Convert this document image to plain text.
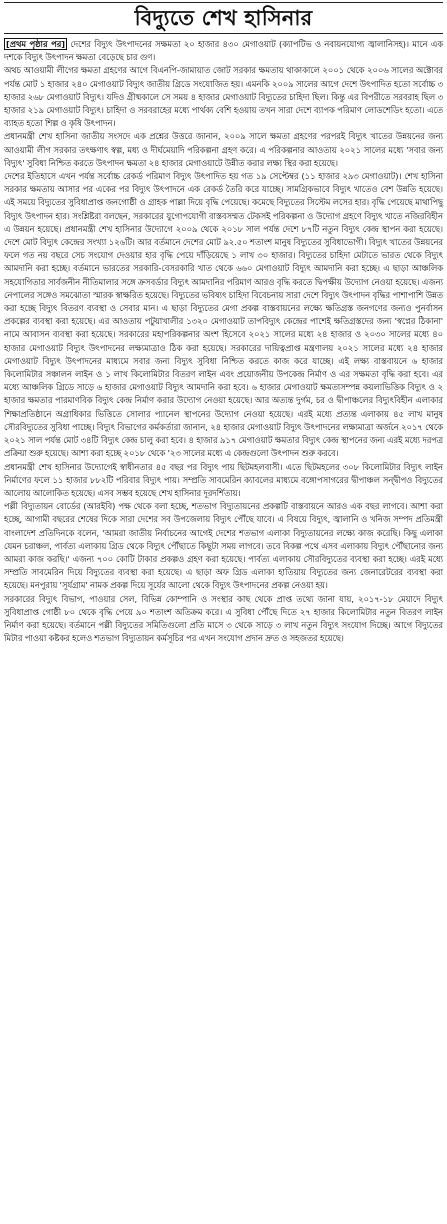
বিদ্যুতে শেখ হাসিনার

[প্রথম পৃষ্ঠার পর] দেশের বিদ্যুৎ উৎপাদনের সক্ষমতা ২০ হাজার ৪৩০ মেগাওয়াট (ক্যাপটিভ ও নবায়নযোগ্য জ্বালানিসহ)। মানে এক দশকে বিদ্যুৎ উৎপাদন ক্ষমতা বেড়েছে চার গুণ।

অথচ আওয়ামী লীগের ক্ষমতা গ্রহণের আগে বিএনপি-জামায়াত জোট সরকার ক্ষমতায় থাকাকালে ২০০১ থেকে ২০০৬ সালের অক্টোবর পর্যন্ত মোট ১ হাজার ২৪০ মেগাওয়াট বিদ্যুৎ জাতীয় গ্রিডে সংযোজিত হয়। এমনকি ২০০৯ সালের আগে দেশে উৎপাদিত হতো সর্বোচ্চ ৩ হাজার ২৬৮ মেগাওয়াট বিদ্যুৎ। যদিও গ্রীষ্মকালে সে সময় ৪ হাজার মেগাওয়াট বিদ্যুতের চাহিদা ছিল। কিন্তু এর বিপরীতে সরবরাহ ছিল ৩ হাজার ২১৯ মেগাওয়াট বিদ্যুৎ। চাহিদা ও সরবরাহের মধ্যে পার্থক্য বেশি হওয়ায় তখন সারা দেশে ব্যাপক পরিমাণ লোডশেডিং হতো। এতে ব্যাহত হতো শিল্প ও কৃষি উৎপাদন।

প্রধানমন্ত্রী শেখ হাসিনা জাতীয় সংসদে এক প্রশ্নের উত্তরে জানান, ২০০৯ সালে ক্ষমতা গ্রহণের পরপরই বিদ্যুৎ খাতের উন্নয়নের জন্য আওয়ামী লীগ সরকার তৎক্ষণাৎ স্বল্প, মধ্য ও দীর্ঘমেয়াদি পরিকল্পনা গ্রহণ করে। এ পরিকল্পনার আওতায় ২০২১ সালের মধ্যে 'সবার জন্য বিদ্যুৎ' সুবিধা নিশ্চিত করতে উৎপাদন ক্ষমতা ২৪ হাজার মেগাওয়াটে উন্নীত করার লক্ষ্য স্থির করা হয়েছে।

দেশের ইতিহাসে এখন পর্যন্ত সর্বোচ্চ রেকর্ড পরিমাণ বিদ্যুৎ উৎপাদিত হয় গত ১৯ সেপ্টেম্বর (১১ হাজার ২৯৩ মেগাওয়াট)। শেখ হাসিনা সরকার ক্ষমতায় আসার পর একের পর বিদ্যুৎ উৎপাদনে এক রেকর্ড তৈরি করে যাচ্ছে। সামগ্রিকভাবে বিদ্যুৎ খাতেও বেশ উন্নতি হয়েছে। এই সময়ে বিদ্যুতের সুবিধাপ্রাপ্ত জনগোষ্ঠী ও গ্রাহক পাল্লা দিয়ে বৃদ্ধি পেয়েছে। কমেছে বিদ্যুতের সিস্টেম লসের হার। বৃদ্ধি পেয়েছে মাথাপিছু বিদ্যুৎ উৎপাদন হার। সংশ্লিষ্টরা বলছেন, সরকারের যুগোপযোগী বাস্তবসম্মত টেকসই পরিকল্পনা ও উদ্যোগ গ্রহণে বিদ্যুৎ খাতে নজিরবিহীন এ উন্নয়ন হয়েছে। প্রধানমন্ত্রী শেখ হাসিনার উদ্যোগে ২০০৯ থেকে ২০১৮ সাল পর্যন্ত দেশে ৮৭টি নতুন বিদ্যুৎ কেন্দ্র স্থাপন করা হয়েছে। দেশে মোট বিদ্যুৎ কেন্দ্রের সংখ্যা ১২৬টি। আর বর্তমানে দেশের মোট ৯২.৫০ শতাংশ মানুষ বিদ্যুতের সুবিধাভোগী। বিদ্যুৎ খাতের উন্নয়নের ফলে গত নয় বছরে সেচ সংযোগ দেওয়ার হার বৃদ্ধি পেয়ে দাঁড়িয়েছে ১ লাখ ৩০ হাজার। বিদ্যুতের চাহিদা মেটাতে ভারত থেকে বিদ্যুৎ আমদানি করা হচ্ছে। বর্তমানে ভারতের সরকারি-বেসরকারি খাত থেকে ৬৬০ মেগাওয়াট বিদ্যুৎ আমদানি করা হচ্ছে। এ ছাড়া আঞ্চলিক সহযোগিতার সার্বজনীন নীতিমালার সঙ্গে ক্রসবর্ডার বিদ্যুৎ আমদানির পরিমাণ আরও বৃদ্ধি করতে দ্বিপক্ষীয় উদ্যোগ নেওয়া হয়েছে। এজন্য নেপালের সঙ্গেও সমঝোতা স্মারক স্বাক্ষরিত হয়েছে। বিদ্যুতের ভবিষ্যৎ চাহিদা বিবেচনায় সারা দেশে বিদ্যুৎ উৎপাদন বৃদ্ধির পাশাপাশি উন্নত করা হচ্ছে বিদ্যুৎ বিতরণ ব্যবস্থা ও সেবার মান। এ ছাড়া বিদ্যুতের মেগা প্রকল্প বাস্তবায়নের লক্ষ্যে ক্ষতিগ্রস্ত জনগণের জন্যও পুনর্বাসন প্রকল্পের ব্যবস্থা করা হয়েছে। এর আওতায় পটুয়াখালীর ১৩২০ মেগাওয়াট তাপবিদ্যুৎ কেন্দ্রের পাশেই ক্ষতিগ্রস্তদের জন্য 'স্বপ্নের ঠিকানা' নামে আবাসন ব্যবস্থা করা হয়েছে। সরকারের মহাপরিকল্পনার অংশ হিসেবে ২০২১ সালের মধ্যে ২৪ হাজার ও ২০৩০ সালের মধ্যে ৪০ হাজার মেগাওয়াট বিদ্যুৎ উৎপাদনের লক্ষ্যমাত্রাও ঠিক করা হয়েছে। সরকারের দায়িত্বপ্রাপ্ত মন্ত্রণালয় ২০২১ সালের মধ্যে ২৪ হাজার মেগাওয়াট বিদ্যুৎ উৎপাদনের মাধ্যমে সবার জন্য বিদ্যুৎ সুবিধা নিশ্চিত করতে কাজ করে যাচ্ছে। এই লক্ষ্য বাস্তবায়নে ৬ হাজার কিলোমিটার সঞ্চালন লাইন ও ১ লাখ কিলোমিটার বিতরণ লাইন এবং প্রয়োজনীয় উপকেন্দ্র নির্মাণ ও এর সক্ষমতা বৃদ্ধি করা হবে। এর মধ্যে আঞ্চলিক গ্রিডে সাড়ে ৬ হাজার মেগাওয়াট বিদ্যুৎ আমদানি করা হবে। ৬ হাজার মেগাওয়াট ক্ষমতাসম্পন্ন কয়লাভিত্তিক বিদ্যুৎ ও ২ হাজার ক্ষমতার পারমাণবিক বিদ্যুৎ কেন্দ্র নির্মাণ করার উদ্যোগ নেওয়া হয়েছে। আর অত্যন্ত দুর্গম, চর ও দ্বীপাঞ্চলের বিদ্যুৎবিহীন এলাকার শিক্ষাপ্রতিষ্ঠানে অগ্রাধিকার ভিত্তিতে সোলার প্যানেল স্থাপনের উদ্যোগ নেওয়া হয়েছে। এরই মধ্যে প্রত্যন্ত এলাকায় ৪৫ লাখ মানুষ সৌরবিদ্যুতের সুবিধা পাচ্ছে। বিদ্যুৎ বিভাগের কর্মকর্তারা জানান, ২৪ হাজার মেগাওয়াট বিদ্যুৎ উৎপাদনের লক্ষ্যমাত্রা অর্জনে ২০১৭ থেকে ২০২১ সাল পর্যন্ত মোট ৩৪টি বিদ্যুৎ কেন্দ্র চালু করা হবে। ৪ হাজার ৯১৭ মেগাওয়াট ক্ষমতার বিদ্যুৎ কেন্দ্র স্থাপনের জন্য এরই মধ্যে দরপত্র প্রক্রিয়া শুরু হয়েছে। আশা করা হচ্ছে ২০১৮ থেকে '২৩ সালের মধ্যে এ কেন্দ্রগুলো উৎপাদন শুরু করবে।

প্রধানমন্ত্রী শেখ হাসিনার উদ্যোগেই স্বাধীনতার ৪৫ বছর পর বিদ্যুৎ পায় ছিটমহলবাসী। এতে ছিটমহলের ৩০৮ কিলোমিটার বিদ্যুৎ লাইন নির্মাণের ফলে ১১ হাজার ৮৮২টি পরিবার বিদ্যুৎ পায়। সম্প্রতি সাবমেরিন ক্যাবলের মাধ্যমে বঙ্গোপসাগরের দ্বীপাঞ্চল সন্দ্বীপও বিদ্যুতের আলোয় আলোকিত হয়েছে। এসব সম্ভব হয়েছে শেখ হাসিনার দূরদর্শিতায়।

পল্লী বিদ্যুতায়ন বোর্ডের (আরইবি) পক্ষ থেকে বলা হচ্ছে, শতভাগ বিদ্যুতায়নের প্রকল্পটি বাস্তবায়নে আরও এক বছর লাগবে। আশা করা হচ্ছে, আগামী বছরের শেষের দিকে সারা দেশের সব উপজেলায় বিদ্যুৎ পৌঁছে যাবে। এ বিষয়ে বিদ্যুৎ, জ্বালানি ও খনিজ সম্পদ প্রতিমন্ত্রী বাংলাদেশ প্রতিদিনকে বলেন, 'আমরা জাতীয় নির্বাচনের আগেই দেশের শতভাগ এলাকা বিদ্যুতায়নের লক্ষ্যে কাজ করেছি। কিছু এলাকা যেমন চরাঞ্চল, পার্বত্য এলাকায় গ্রিড থেকে বিদ্যুৎ পৌঁছাতে কিছুটা সময় লাগবে। তবে বিকল্প পথে এসব এলাকায় বিদ্যুৎ পৌঁছানোর জন্য আমরা কাজ করছি।' এজন্য ৭০০ কোটি টাকার প্রকল্পও গ্রহণ করা হয়েছে। পার্বত্য এলাকায় সৌরবিদ্যুতের ব্যবস্থা করা হচ্ছে। এরই মধ্যে সম্প্রতি সাবমেরিন দিয়ে বিদ্যুতের ব্যবস্থা করা হয়েছে। এ ছাড়া অফ গ্রিড এলাকা হাতিয়ায় বিদ্যুতের জন্য জেনারেটরের ব্যবস্থা করা হয়েছে। মনপুরায় 'সূর্যগ্রাম' নামক প্রকল্প দিয়ে সূর্যের আলো থেকে বিদ্যুৎ উৎপাদনের প্রকল্প নেওয়া হয়।

সরকারের বিদ্যুৎ বিভাগ, পাওয়ার সেল, বিভিন্ন কোম্পানি ও সংস্থার কাছ থেকে প্রাপ্ত তথ্যে জানা যায়, ২০১৭-১৮ মেয়াদে বিদ্যুৎ সুবিধাপ্রাপ্ত গোষ্ঠী ৮০ থেকে বৃদ্ধি পেয়ে ৯০ শতাংশ অতিক্রম করে। এ সুবিধা পৌঁছে দিতে ২৭ হাজার কিলোমিটার নতুন বিতরণ লাইন নির্মাণ করা হয়েছে। বর্তমানে পল্লী বিদ্যুতের সমিতিগুলো প্রতি মাসে ৩ থেকে সাড়ে ৩ লাখ নতুন বিদ্যুৎ সংযোগ দিচ্ছে। আগে বিদ্যুতের মিটার পাওয়া কষ্টকর হলেও শতভাগ বিদ্যুতায়ন কর্মসূচির পর এখন সংযোগ প্রদান দ্রুত ও সহজতর হয়েছে।
